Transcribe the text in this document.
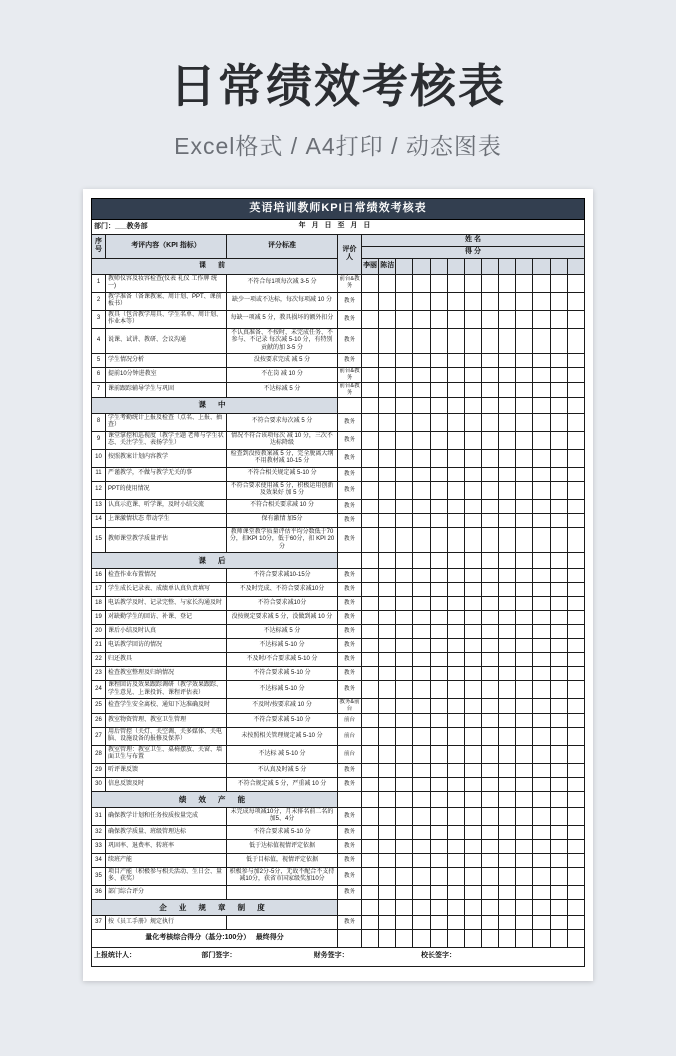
日常绩效考核表

Excel格式 / A4打印 / 动态图表

英语培训教师KPI日常绩效考核表																
部门：___教务部 年 月 日 至 月 日																

序号	考评内容（KPI 指标）	评分标准	评价人	姓 名												
				得 分												
课 前				李丽	陈洁											
1	教师仪容及妆容检查(仪表 礼仪 工作牌 统一)	不符合每1项每次减 3-5 分	前台&教务													
2	教学准备（备课教案、周计划、PPT、课前板书）	缺少一项或不达标，每次每项减 10 分	教务													
3	教具（包含教学用具、学生名单、周计划、作业本等）	每缺一项减 5 分，教具损坏的额外扣分	教务													
4	说课、试讲、教研、会议沟通	不认真准备、不按时、未完成任务、不参与、不记录 每次减 5-10 分，有特别贡献的加 3-5 分	教务													
5	学生情况分析	没按要求完成 减 5 分	教务													
6	提前10分钟进教室	不在岗 减 10 分	前台&教务													
7	课前跟踪辅导学生与巩固	不达标减 5 分	前台&教务													
课 中																
8	学生考勤统计上报及检查（点名、上报、抽查）	不符合要求每次减 5 分	教务													
9	课堂掌控和巡视度（教学主题 老师与学生状态、关注学生、表扬学生）	情况不符合该项每次 减 10 分，三次不达标降级	教务													
10	按照教案计划内容教学	检查到没按教案减 5 分，完全脱离大纲不用教材减 10-15 分	教务													
11	严谨教学，不做与教学无关的事	不符合相关规定减 5-10 分	教务													
12	PPT的使用情况	不符合要求使用减 5 分，积极运用创新及效果好 加 5 分	教务													
13	认真示范课、听学课，及时小结交流	不符合相关要求减 10 分	教务													
14	上课激情状态 带动学生	保有激情 加5分	教务													
15	教师课堂教学质量评估	教师课堂教学质量评估平均分数低于70分，扣KPI 10分，低于60分，扣 KPI 20分	教务													
课 后																
16	检查作业布置情况	不符合要求减10-15分	教务													
17	学生成长记录表、成绩单认真负责填写	不及时完成、不符合要求减10分	教务													
18	电话教学及时、记录完整、与家长沟通及时	不符合要求减10分	教务													
19	对缺勤学生的回访、补课、登记	没按规定要求减 5 分，没做到减 10 分	教务													
20	课后小结及时认真	不达标减 5 分	教务													
21	电话教学回访的情况	不达标减 5-10 分	教务													
22	归还教具	不及时/不合要求减 5-10 分	教务													
23	检查教室整理及归纳情况	不符合要求减 5-10 分	教务													
24	课程回访及效果跟踪调研（教学效果跟踪、学生意见、上课投诉、课程评估表）	不达标减 5-10 分	教务													
25	检查学生安全离校、通知下达准确及时	不及时/按要求减 10 分	教务&前台													
26	教室物资管理、教室卫生管理	不符合要求减 5-10 分	前台													
27	用后管控（关灯、关空调、关多媒体、关电脑、设施设备的报修及保养）	未按照相关管理规定减 5-10 分	前台													
28	教室管理：教室卫生、桌椅摆放、关窗、墙面卫生与布置	不达标 减 5-10 分	前台													
29	听评课反馈	不认真及时减 5 分	教务													
30	信息反馈及时	不符合规定减 5 分，严重减 10 分	教务													
绩 效 产 能																
31	确保教学计划和任务按质按量完成	未完成每项减10分，月末排名前二名的加5、4分	教务													
32	确保教学质量、班级管理达标	不符合要求减 5-10 分	教务													
33	巩固率、退费率、转班率	低于达标值视情评定依据	教务													
34	续班产能	低于目标值，视情评定依据	教务													
35	项目产能（积极参与相关活动、生日会、量多、获奖）	积极参与加2分-5分，无故不配合不支持减10分，获省市国家级奖加10分	教务													
36	部门综合评分		教务													
企 业 规 章 制 度																
37	按《员工手册》规定执行		教务													
量化考核综合得分（基分:100分）　 最终得分																

上报统计人： 部门签字： 财务签字： 校长签字：																
